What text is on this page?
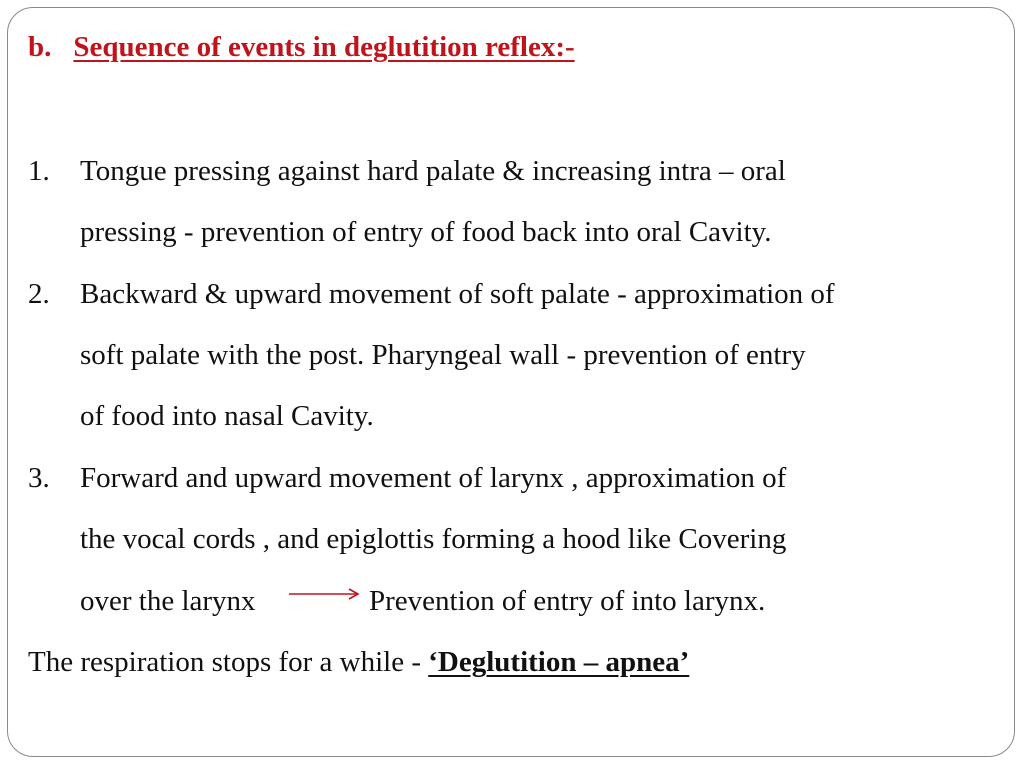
b. Sequence of events in deglutition reflex:-
1. Tongue pressing against hard palate & increasing intra – oral
pressing - prevention of entry of food back into oral Cavity.
2. Backward & upward movement of soft palate - approximation of
soft palate with the post. Pharyngeal wall - prevention of entry
of food into nasal Cavity.
3. Forward and upward movement of larynx , approximation of
the vocal cords , and epiglottis forming a hood like Covering
over the larynx	Prevention of entry of into larynx.
The respiration stops for a while - ‘Deglutition – apnea’
